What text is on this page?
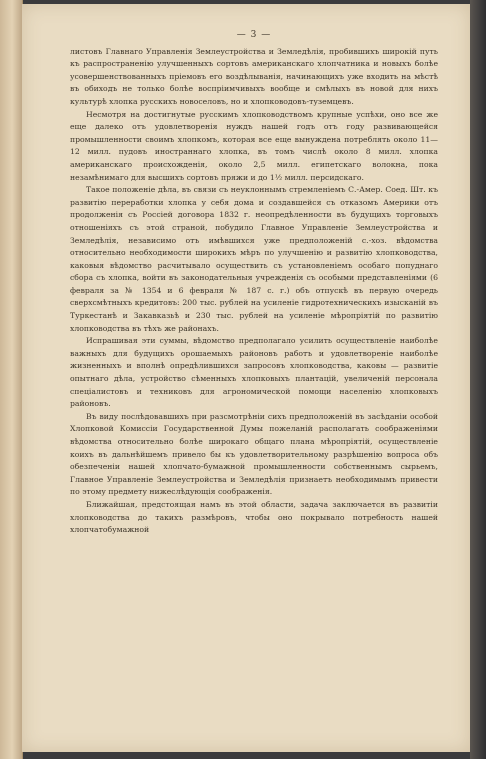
— 3 —

листовъ Главнаго Управленія Землеустройства и Земледѣлія, пробившихъ широкій путь къ распространенію улучшенныхъ сортовъ американскаго хлопчатника и новыхъ болѣе усовершенствованныхъ пріемовъ его воздѣлыванія, начинающихъ уже входить на мѣстѣ въ обиходъ не только болѣе воспріимчивыхъ вообще и смѣлыхъ въ новой для нихъ культурѣ хлопка русскихъ новоселовъ, но и хлопководовъ-туземцевъ.

Несмотря на достигнутые русскимъ хлопководствомъ крупные успѣхи, оно все же еще далеко отъ удовлетворенія нуждъ нашей годъ отъ году развивающейся промышленности своимъ хлопкомъ, которая все еще вынуждена потреблять около 11—12 милл. пудовъ иностраннаго хлопка, въ томъ числѣ около 8 милл. хлопка американскаго происхожденія, около 2,5 милл. египетскаго волокна, пока незамѣнимаго для высшихъ сортовъ пряжи и до 1½ милл. персидскаго.

Такое положеніе дѣла, въ связи съ неуклоннымъ стремленіемъ С.-Амер. Соед. Шт. къ развитію переработки хлопка у себя дома и создавшейся съ отказомъ Америки отъ продолженія съ Россіей договора 1832 г. неопредѣленности въ будущихъ торговыхъ отношеніяхъ съ этой страной, побудило Главное Управленіе Землеустройства и Земледѣлія, независимо отъ имѣвшихся уже предположеній с.-хоз. вѣдомства относительно необходимости широкихъ мѣръ по улучшенію и развитію хлопководства, каковыя вѣдомство расчитывало осуществить съ установленіемъ особаго попуднаго сбора съ хлопка, войти въ законодательныя учрежденія съ особыми представленіями (6 февраля за № 1354 и 6 февраля № 187 с. г.) объ отпускѣ въ первую очередь сверхсмѣтныхъ кредитовъ: 200 тыс. рублей на усиленіе гидротехническихъ изысканій въ Туркестанѣ и Закавказьѣ и 230 тыс. рублей на усиленіе мѣропріятій по развитію хлопководства въ тѣхъ же районахъ.

Испрашивая эти суммы, вѣдомство предполагало усилить осуществленіе наиболѣе важныхъ для будущихъ орошаемыхъ районовъ работъ и удовлетвореніе наиболѣе жизненныхъ и вполнѣ опредѣлившихся запросовъ хлопководства, каковы — развитіе опытнаго дѣла, устройство сѣменныхъ хлопковыхъ плантацій, увеличеній персонала спеціалистовъ и техниковъ для агрономической помощи населенію хлопковыхъ районовъ.

Въ виду послѣдовавшихъ при разсмотрѣніи сихъ предположеній въ засѣданіи особой Хлопковой Комиссіи Государственной Думы пожеланій располагать соображеніями вѣдомства относительно болѣе широкаго общаго плана мѣропріятій, осуществленіе коихъ въ дальнѣйшемъ привело бы къ удовлетворительному разрѣшенію вопроса объ обезпеченіи нашей хлопчато-бумажной промышленности собственнымъ сырьемъ, Главное Управленіе Землеустройства и Земледѣлія признаетъ необходимымъ привести по этому предмету нижеслѣдующія соображенія.

Ближайшая, предстоящая намъ въ этой области, задача заключается въ развитіи хлопководства до такихъ размѣровъ, чтобы оно покрывало потребность нашей хлопчатобумажной
